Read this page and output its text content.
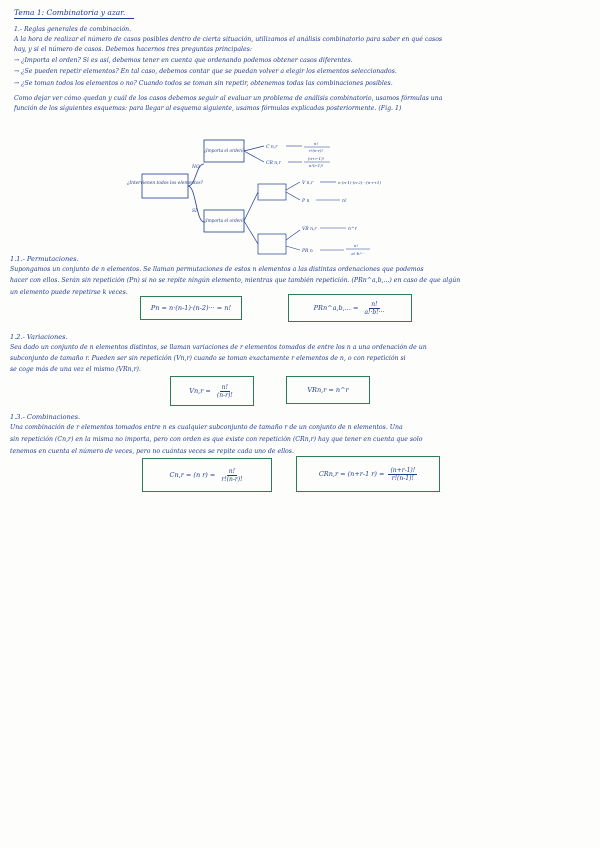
Tema 1: Combinatoria y azar.
1.- Reglas generales de combinación.
A la hora de realizar el número de casos posibles dentro de cierta situación, utilizamos el análisis combinatorio para saber en qué casos
hay, y si el número de casos. Debemos hacernos tres preguntas principales:
→ ¿Importa el orden? Si es así, debemos tener en cuenta que ordenando podemos obtener casos diferentes.
→ ¿Se pueden repetir elementos? En tal caso, debemos contar que se puedan volver a elegir los elementos seleccionados.
→ ¿Se toman todos los elementos o no? Cuando todos se toman sin repetir, obtenemos todas las combinaciones posibles.
Como dejar ver cómo quedan y cuál de los casos debemos seguir al evaluar un problema de análisis combinatorio, usamos fórmulas una
función de los siguientes esquemas: para llegar al esquema siguiente, usamos fórmulas explicadas posteriormente. (Fig. 1)
¿Intervienen todos los elementos?
NO
SÍ
¿Importa el orden?
C n,r
CR n,r
n!
r!(n-r)!
(n+r-1)!
n!(r-1)!
¿Importa el orden?
V n,r
P n
n·(n-1)·(n-2)···(n-r+1)
n!
VR n,r
PR n
n^r
n!
a!·b!···
1.1.- Permutaciones.
Supongamos un conjunto de n elementos. Se llaman permutaciones de estos n elementos a las distintas ordenaciones que podemos
hacer con ellos. Serán sin repetición (Pn) si no se repite ningún elemento, mientras que también repetición. (PRn^a,b,...) en caso de que algún
un elemento puede repetirse k veces.
Pn = n·(n-1)·(n-2)··· = n!	PRn^a,b,... = $\frac{n!}{a!\cdot b!\cdot\cdot\cdot}$
1.2.- Variaciones.
Sea dado un conjunto de n elementos distintos, se llaman variaciones de r elementos tomados de entre los n a una ordenación de un
subconjunto de tamaño r. Pueden ser sin repetición (Vn,r) cuando se toman exactamente r elementos de n, o con repetición si
se coge más de una vez el mismo (VRn,r).
$Vn,r = \frac{n!}{(n-r)!}$	VRn,r = n^r
1.3.- Combinaciones.
Una combinación de r elementos tomados entre n es cualquier subconjunto de tamaño r de un conjunto de n elementos. Una
sin repetición (Cn,r) en la misma no importa, pero con orden es que existe con repetición (CRn,r) hay que tener en cuenta que solo
tenemos en cuenta el número de veces, pero no cuántas veces se repite cada uno de ellos.
Cn,r = (n $r) = \frac{n!}{r!(n-r)!}$	CRn,r = (n+r-1 $r) = \frac{(n+r-1)!}{r!(n-1)!}$
